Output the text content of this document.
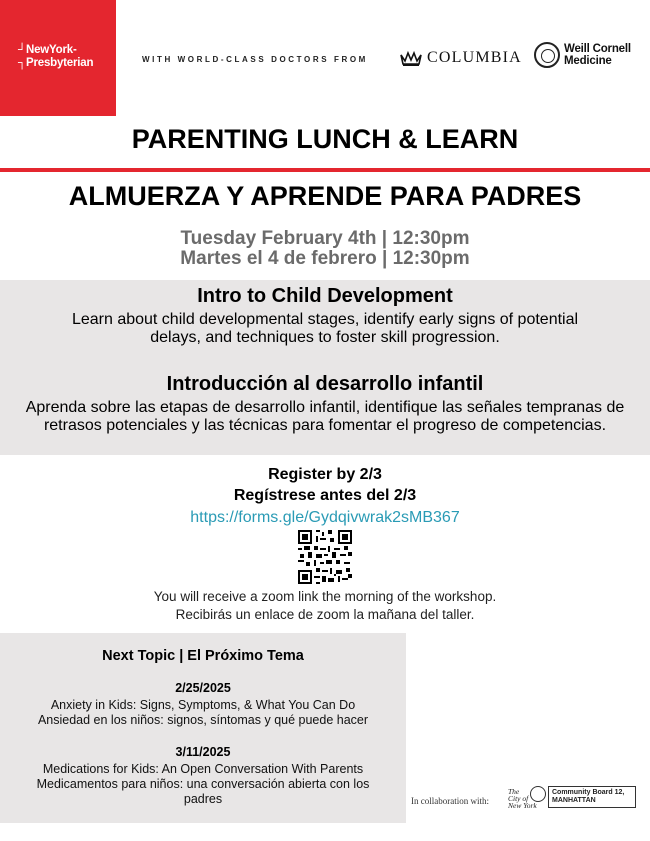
┘NewYork-
┐Presbyterian	WITH WORLD-CLASS DOCTORS FROM	COLUMBIA	Weill Cornell
Medicine
PARENTING LUNCH & LEARN
ALMUERZA Y APRENDE PARA PADRES
Tuesday February 4th | 12:30pm
Martes el 4 de febrero | 12:30pm
Intro to Child Development
Learn about child developmental stages, identify early signs of potential delays, and techniques to foster skill progression.
Introducción al desarrollo infantil
Aprenda sobre las etapas de desarrollo infantil, identifique las señales tempranas de retrasos potenciales y las técnicas para fomentar el progreso de competencias.
Register by 2/3
Regístrese antes del 2/3
https://forms.gle/Gydqivwrak2sMB367
You will receive a zoom link the morning of the workshop.
Recibirás un enlace de zoom la mañana del taller.
Next Topic | El Próximo Tema
2/25/2025
Anxiety in Kids: Signs, Symptoms, & What You Can Do
Ansiedad en los niños: signos, síntomas y qué puede hacer
3/11/2025
Medications for Kids: An Open Conversation With Parents
Medicamentos para niños: una conversación abierta con los padres	In collaboration with:
The
City of
New York
Community Board 12,
MANHATTAN
